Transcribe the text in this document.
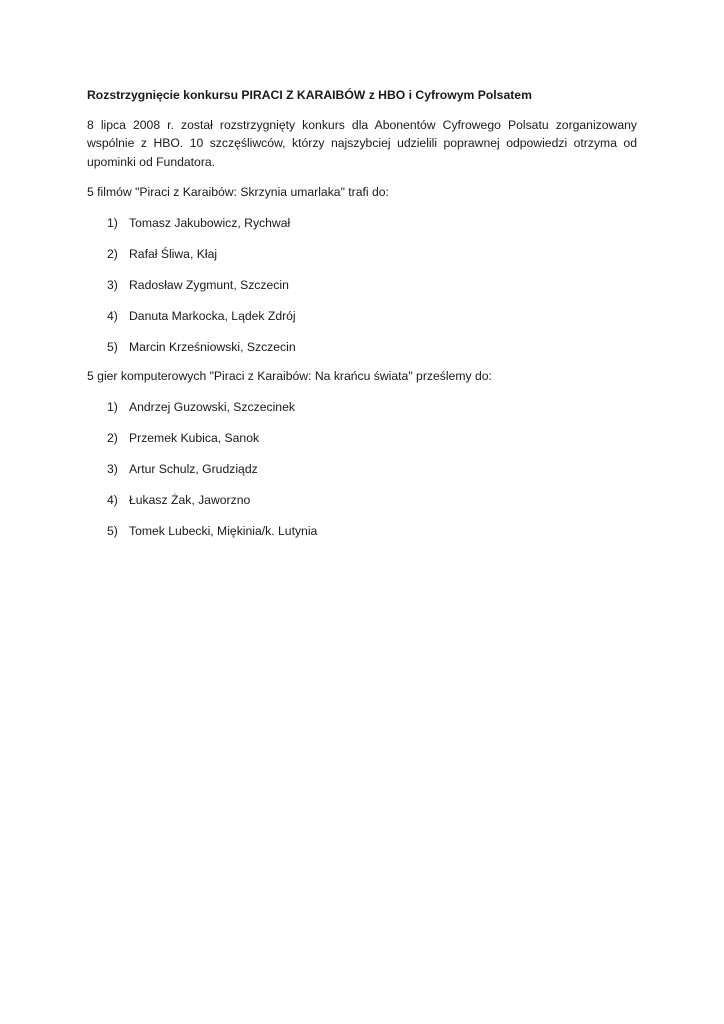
Rozstrzygnięcie konkursu PIRACI Z KARAIBÓW z HBO i Cyfrowym Polsatem

8 lipca 2008 r. został rozstrzygnięty konkurs dla Abonentów Cyfrowego Polsatu zorganizowany wspólnie z HBO. 10 szczęśliwców, którzy najszybciej udzielili poprawnej odpowiedzi otrzyma od upominki od Fundatora.

5 filmów "Piraci z Karaibów: Skrzynia umarlaka" trafi do:

1) Tomasz Jakubowicz, Rychwał
2) Rafał Śliwa, Kłaj
3) Radosław Zygmunt, Szczecin
4) Danuta Markocka, Lądek Zdrój
5) Marcin Krześniowski, Szczecin

5 gier komputerowych "Piraci z Karaibów: Na krańcu świata" prześlemy do:

1) Andrzej Guzowski, Szczecinek
2) Przemek Kubica, Sanok
3) Artur Schulz, Grudziądz
4) Łukasz Żak, Jaworzno
5) Tomek Lubecki, Miękinia/k. Lutynia
